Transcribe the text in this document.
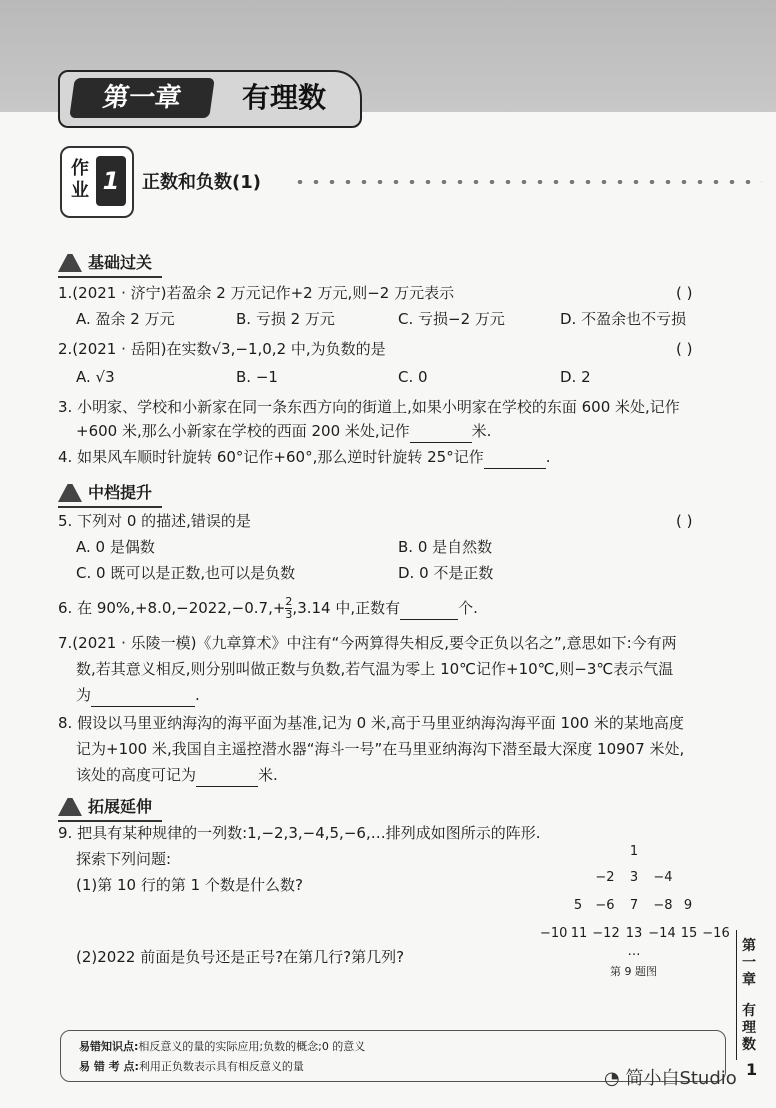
第一章	有理数
作业 1	正数和负数(1)
基础过关
1.(2021 · 济宁)若盈余 2 万元记作+2 万元,则−2 万元表示	( )
A. 盈余 2 万元	B. 亏损 2 万元	C. 亏损−2 万元	D. 不盈余也不亏损
2.(2021 · 岳阳)在实数√3,−1,0,2 中,为负数的是	( )
A. √3	B. −1	C. 0	D. 2
3. 小明家、学校和小新家在同一条东西方向的街道上,如果小明家在学校的东面 600 米处,记作
+600 米,那么小新家在学校的西面 200 米处,记作	米.
4. 如果风车顺时针旋转 60°记作+60°,那么逆时针旋转 25°记作	.
中档提升
5. 下列对 0 的描述,错误的是	( )
A. 0 是偶数	B. 0 是自然数
C. 0 既可以是正数,也可以是负数	D. 0 不是正数
6. 在 $90\%,+8.0,-2022,-0.7,+ \frac{2}{3} ,3.14$ 中,正数有	个.
7.(2021 · 乐陵一模)《九章算术》中注有“今两算得失相反,要令正负以名之”,意思如下:今有两
数,若其意义相反,则分别叫做正数与负数,若气温为零上 10℃记作+10℃,则−3℃表示气温
为	.
8. 假设以马里亚纳海沟的海平面为基准,记为 0 米,高于马里亚纳海沟海平面 100 米的某地高度
记为+100 米,我国自主遥控潜水器“海斗一号”在马里亚纳海沟下潜至最大深度 10907 米处,
该处的高度可记为	米.
拓展延伸
9. 把具有某种规律的一列数:1,−2,3,−4,5,−6,…排列成如图所示的阵形.
探索下列问题:
(1)第 10 行的第 1 个数是什么数?
(2)2022 前面是负号还是正号?在第几行?第几列?
1
−2 3 −4
5 −6 7 −8 9
−10 11 −12 13 −14 15 −16
…
第 9 题图
第一章
有理数
1
易错知识点:相反意义的量的实际应用;负数的概念;0 的意义
易 错 考 点:利用正负数表示具有相反意义的量
◔ 简小白Studio
